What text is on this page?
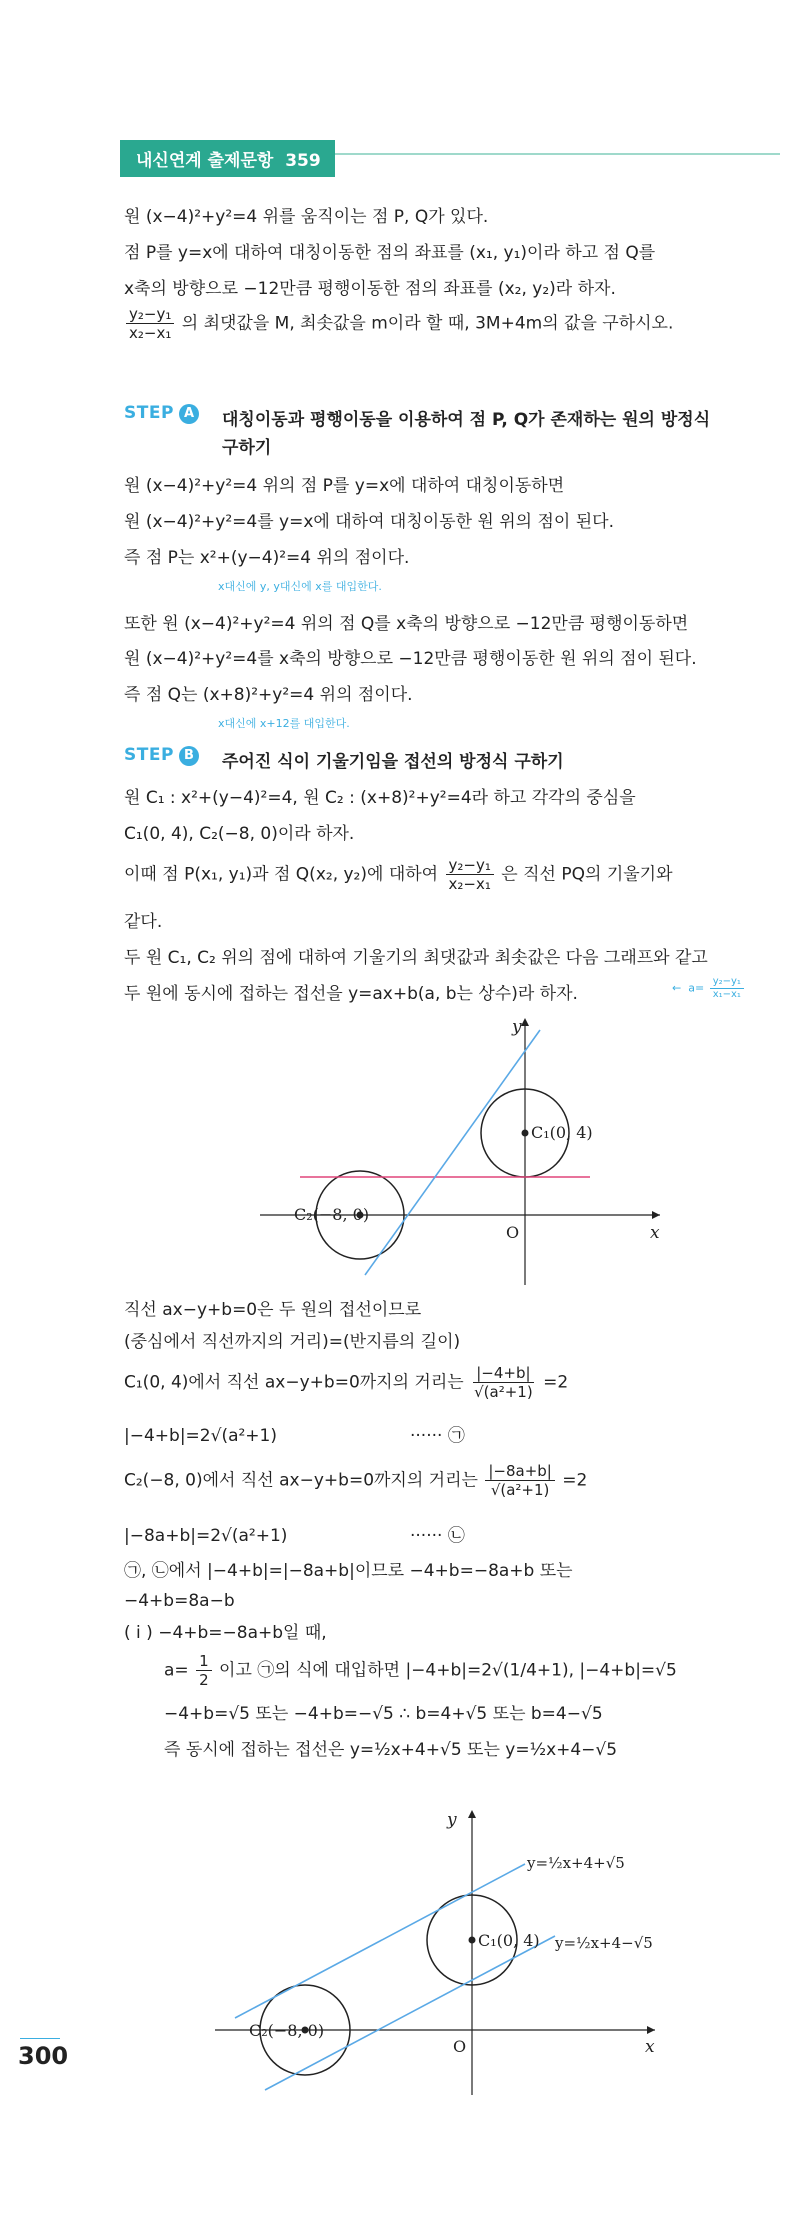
내신연계 출제문항 359
원 (x−4)²+y²=4 위를 움직이는 점 P, Q가 있다.
점 P를 y=x에 대하여 대칭이동한 점의 좌표를 (x₁, y₁)이라 하고 점 Q를
x축의 방향으로 −12만큼 평행이동한 점의 좌표를 (x₂, y₂)라 하자.
$\frac{\text{y₂−y₁}}{\text{x₂−x₁}}$ 의 최댓값을 M, 최솟값을 m이라 할 때, 3M+4m의 값을 구하시오.
STEP A 대칭이동과 평행이동을 이용하여 점 P, Q가 존재하는 원의 방정식
구하기
원 (x−4)²+y²=4 위의 점 P를 y=x에 대하여 대칭이동하면
원 (x−4)²+y²=4를 y=x에 대하여 대칭이동한 원 위의 점이 된다.
즉 점 P는 x²+(y−4)²=4 위의 점이다.
x대신에 y, y대신에 x를 대입한다.
또한 원 (x−4)²+y²=4 위의 점 Q를 x축의 방향으로 −12만큼 평행이동하면
원 (x−4)²+y²=4를 x축의 방향으로 −12만큼 평행이동한 원 위의 점이 된다.
즉 점 Q는 (x+8)²+y²=4 위의 점이다.
x대신에 x+12를 대입한다.
STEP B 주어진 식이 기울기임을 접선의 방정식 구하기
원 C₁ : x²+(y−4)²=4, 원 C₂ : (x+8)²+y²=4라 하고 각각의 중심을
C₁(0, 4), C₂(−8, 0)이라 하자.
이때 점 P(x₁, y₁)과 점 Q(x₂, y₂)에 대하여 $\frac{\text{y₂−y₁}}{\text{x₂−x₁}}$ 은 직선 PQ의 기울기와
같다.
두 원 C₁, C₂ 위의 점에 대하여 기울기의 최댓값과 최솟값은 다음 그래프와 같고
두 원에 동시에 접하는 접선을 y=ax+b(a, b는 상수)라 하자.	←  $a= \frac{\text{y₂−y₁}}{\text{x₁−x₁}}$
y
x
O
C₁(0, 4)
C₂(−8, 0)
직선 ax−y+b=0은 두 원의 접선이므로
(중심에서 직선까지의 거리)=(반지름의 길이)
C₁(0, 4)에서 직선 ax−y+b=0까지의 거리는 $\frac{|-4+b|}{\text{√(a²+1)}} =2$
|−4+b|=2√(a²+1)	······ ㉠
C₂(−8, 0)에서 직선 ax−y+b=0까지의 거리는 $\frac{|-8a+b|}{\text{√(a²+1)}} =2$
|−8a+b|=2√(a²+1)	······ ㉡
㉠, ㉡에서 |−4+b|=|−8a+b|이므로 −4+b=−8a+b 또는
−4+b=8a−b
( i ) −4+b=−8a+b일 때,
$a= \frac{1}{2}$ 이고 ㉠의 식에 대입하면 |−4+b|=2√(1/4+1), |−4+b|=√5
−4+b=√5 또는 −4+b=−√5 ∴ b=4+√5 또는 b=4−√5
즉 동시에 접하는 접선은 y=½x+4+√5 또는 y=½x+4−√5
y
x
O
C₁(0, 4)
C₂(−8, 0)
y=½x+4+√5
y=½x+4−√5
300
